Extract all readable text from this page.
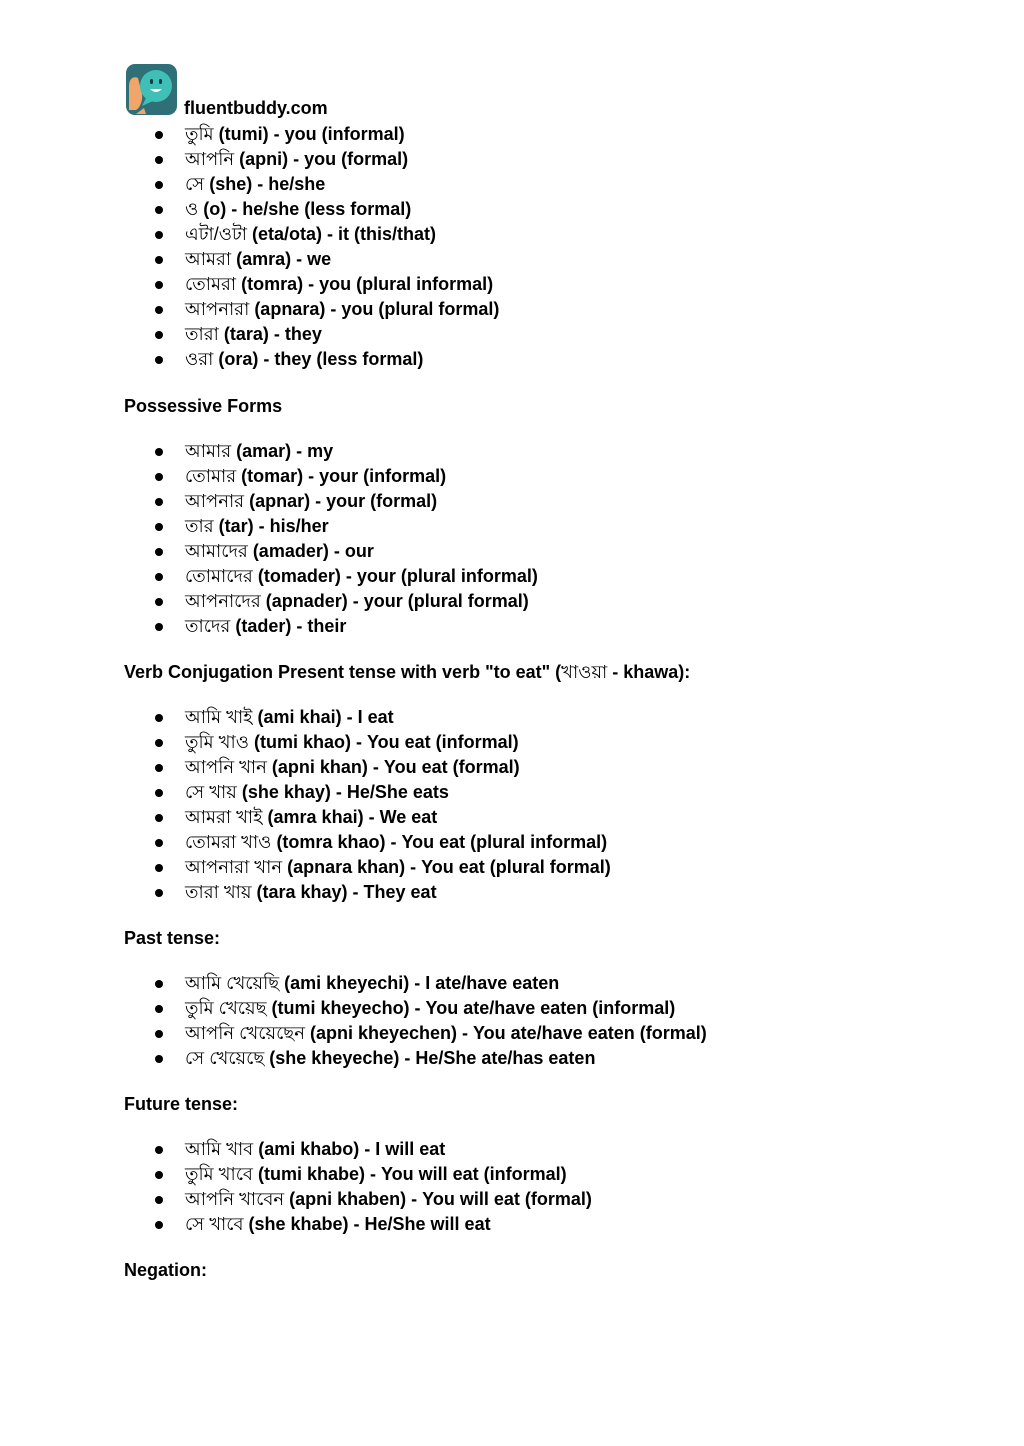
fluentbuddy.com
তুমি (tumi) - you (informal)
আপনি (apni) - you (formal)
সে (she) - he/she
ও (o) - he/she (less formal)
এটা/ওটা (eta/ota) - it (this/that)
আমরা (amra) - we
তোমরা (tomra) - you (plural informal)
আপনারা (apnara) - you (plural formal)
তারা (tara) - they
ওরা (ora) - they (less formal)
Possessive Forms
আমার (amar) - my
তোমার (tomar) - your (informal)
আপনার (apnar) - your (formal)
তার (tar) - his/her
আমাদের (amader) - our
তোমাদের (tomader) - your (plural informal)
আপনাদের (apnader) - your (plural formal)
তাদের (tader) - their
Verb Conjugation Present tense with verb "to eat" (খাওয়া - khawa):
আমি খাই (ami khai) - I eat
তুমি খাও (tumi khao) - You eat (informal)
আপনি খান (apni khan) - You eat (formal)
সে খায় (she khay) - He/She eats
আমরা খাই (amra khai) - We eat
তোমরা খাও (tomra khao) - You eat (plural informal)
আপনারা খান (apnara khan) - You eat (plural formal)
তারা খায় (tara khay) - They eat
Past tense:
আমি খেয়েছি (ami kheyechi) - I ate/have eaten
তুমি খেয়েছ (tumi kheyecho) - You ate/have eaten (informal)
আপনি খেয়েছেন (apni kheyechen) - You ate/have eaten (formal)
সে খেয়েছে (she kheyeche) - He/She ate/has eaten
Future tense:
আমি খাব (ami khabo) - I will eat
তুমি খাবে (tumi khabe) - You will eat (informal)
আপনি খাবেন (apni khaben) - You will eat (formal)
সে খাবে (she khabe) - He/She will eat
Negation:
